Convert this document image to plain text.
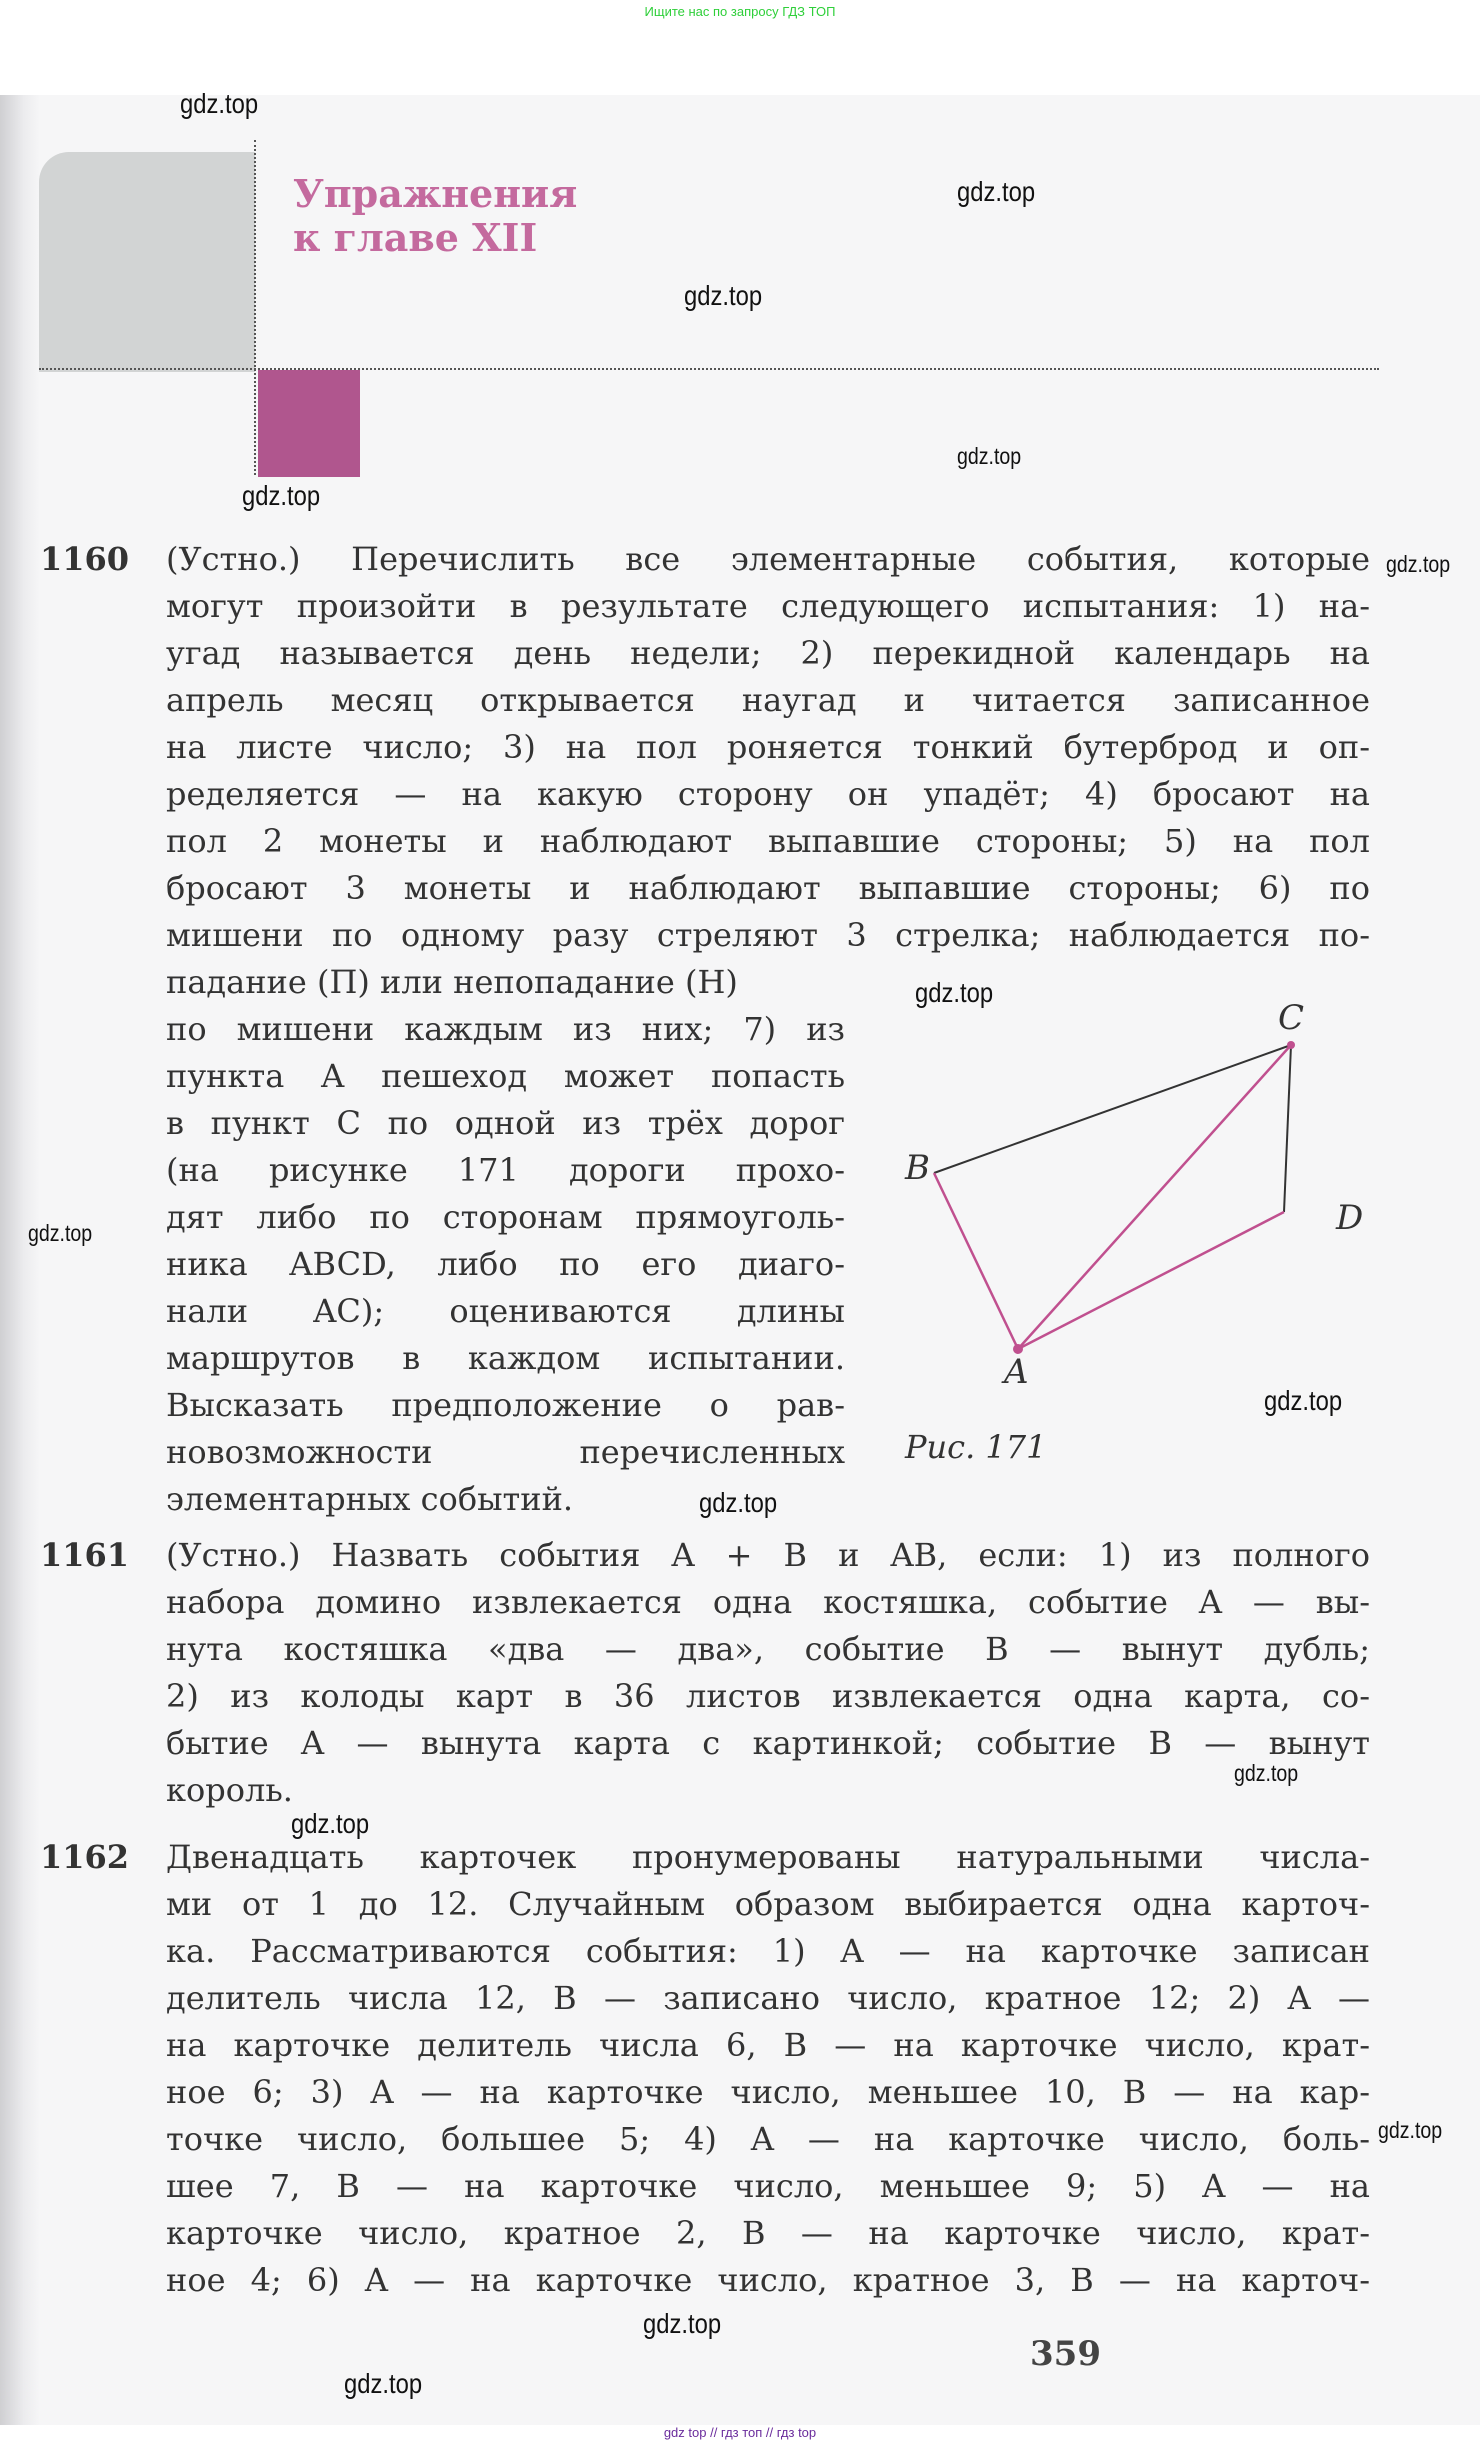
Ищите нас по запросу ГДЗ ТОП
Упражнения
к главе XII
1160 (Устно.) Перечислить все элементарные события, которые
могут произойти в результате следующего испытания: 1) на-
угад называется день недели; 2) перекидной календарь на
апрель месяц открывается наугад и читается записанное
на листе число; 3) на пол роняется тонкий бутерброд и оп-
ределяется — на какую сторону он упадёт; 4) бросают на
пол 2 монеты и наблюдают выпавшие стороны; 5) на пол
бросают 3 монеты и наблюдают выпавшие стороны; 6) по
мишени по одному разу стреляют 3 стрелка; наблюдается по-
падание (П) или непопадание (Н)
по мишени каждым из них; 7) из
пункта A пешеход может попасть
в пункт C по одной из трёх дорог
(на рисунке 171 дороги прохо-
дят либо по сторонам прямоуголь-
ника ABCD, либо по его диаго-
нали AC); оцениваются длины
маршрутов в каждом испытании.
Высказать предположение о рав-
новозможности перечисленных
элементарных событий.
1161 (Устно.) Назвать события A + B и AB, если: 1) из полного
набора домино извлекается одна костяшка, событие A — вы-
нута костяшка «два — два», событие B — вынут дубль;
2) из колоды карт в 36 листов извлекается одна карта, со-
бытие A — вынута карта с картинкой; событие B — вынут
король.
1162 Двенадцать карточек пронумерованы натуральными числа-
ми от 1 до 12. Случайным образом выбирается одна карточ-
ка. Рассматриваются события: 1) A — на карточке записан
делитель числа 12, B — записано число, кратное 12; 2) A —
на карточке делитель числа 6, B — на карточке число, крат-
ное 6; 3) A — на карточке число, меньшее 10, B — на кар-
точке число, большее 5; 4) A — на карточке число, боль-
шее 7, B — на карточке число, меньшее 9; 5) A — на
карточке число, кратное 2, B — на карточке число, крат-
ное 4; 6) A — на карточке число, кратное 3, B — на карточ-
C
B
D
A
Рис. 171
359
gdz.top
gdz.top
gdz.top
gdz.top
gdz.top
gdz.top
gdz.top
gdz.top
gdz.top
gdz.top
gdz.top
gdz.top
gdz.top
gdz.top
gdz.top
gdz top // гдз топ // гдз top
